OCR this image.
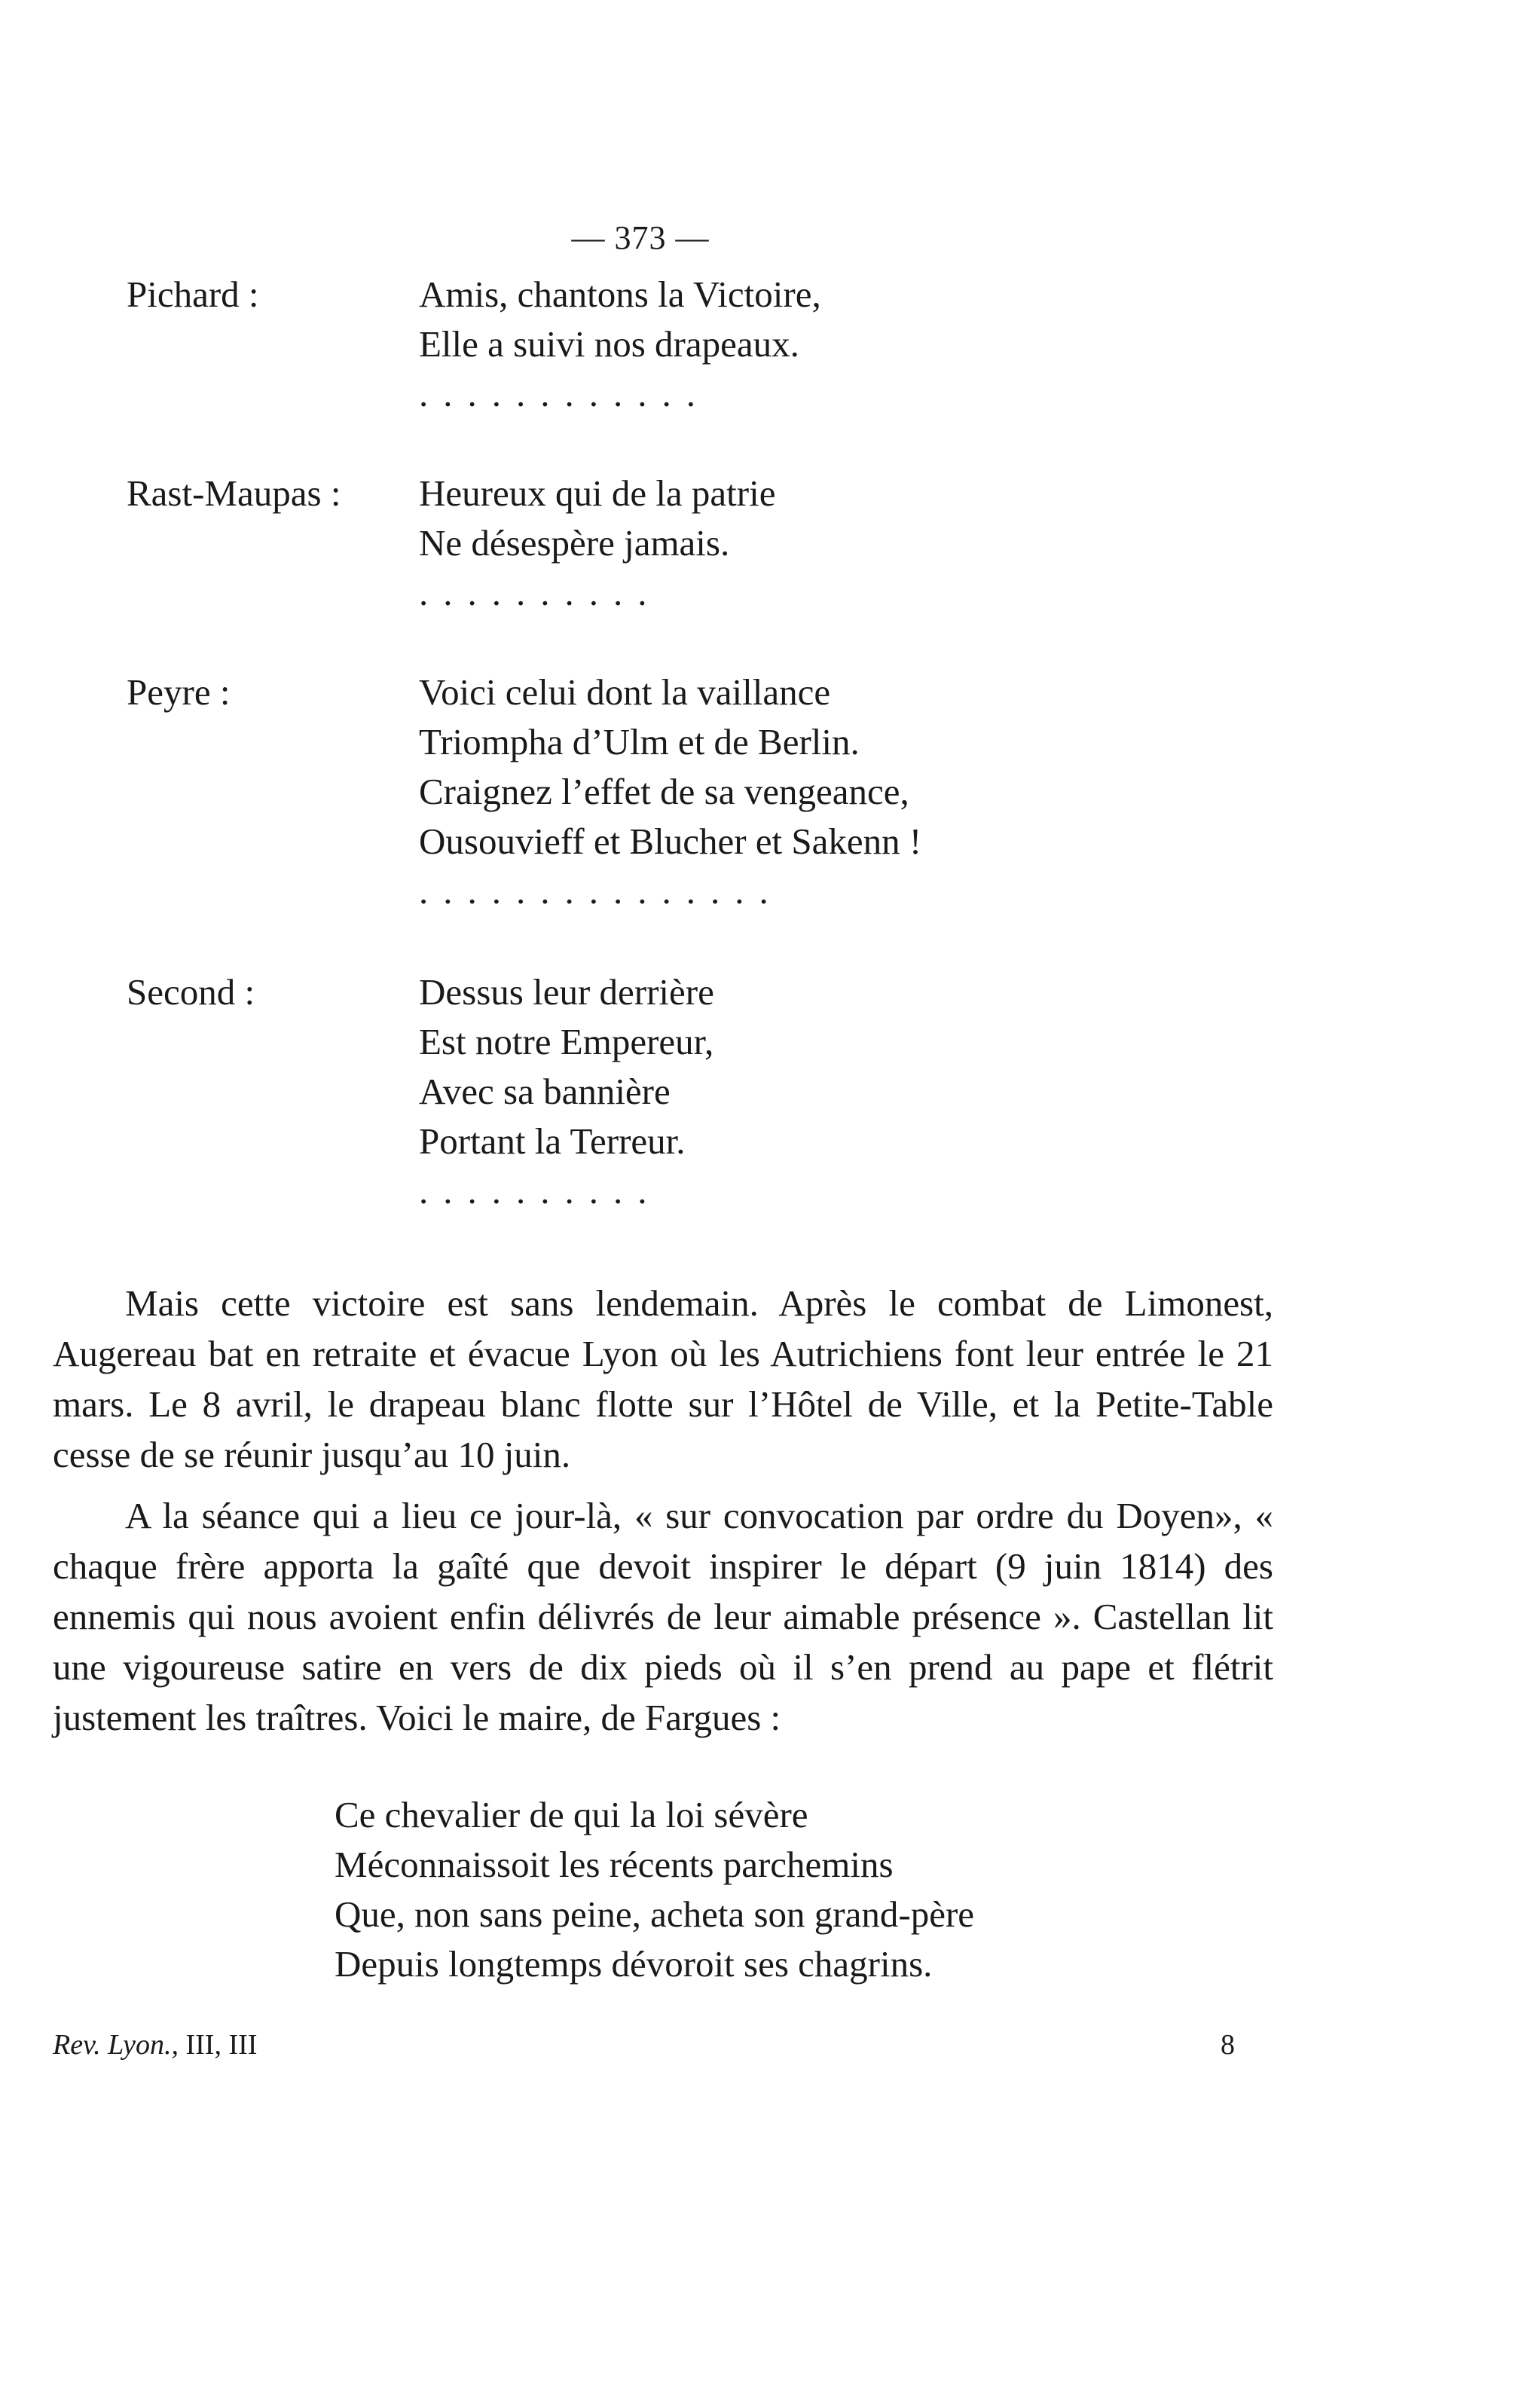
— 373 —
Pichard :	Amis, chantons la Victoire,
Elle a suivi nos drapeaux.
............
Rast-Maupas : Heureux qui de la patrie
Ne désespère jamais.
..........
Peyre :	Voici celui dont la vaillance
Triompha d’Ulm et de Berlin.
Craignez l’effet de sa vengeance,
Ousouvieff et Blucher et Sakenn !
...............
Second :	Dessus leur derrière
Est notre Empereur,
Avec sa bannière
Portant la Terreur.
..........

Mais cette victoire est sans lendemain. Après le combat de Limonest, Augereau bat en retraite et évacue Lyon où les Autrichiens font leur entrée le 21 mars. Le 8 avril, le drapeau blanc flotte sur l’Hôtel de Ville, et la Petite-Table cesse de se réunir jusqu’au 10 juin.

A la séance qui a lieu ce jour-là, « sur convocation par ordre du Doyen», « chaque frère apporta la gaîté que devoit inspirer le départ (9 juin 1814) des ennemis qui nous avoient enfin délivrés de leur aimable présence ». Castellan lit une vigoureuse satire en vers de dix pieds où il s’en prend au pape et flétrit justement les traîtres. Voici le maire, de Fargues :

Ce chevalier de qui la loi sévère
Méconnaissoit les récents parchemins
Que, non sans peine, acheta son grand-père
Depuis longtemps dévoroit ses chagrins.
Rev. Lyon., III, III	8
